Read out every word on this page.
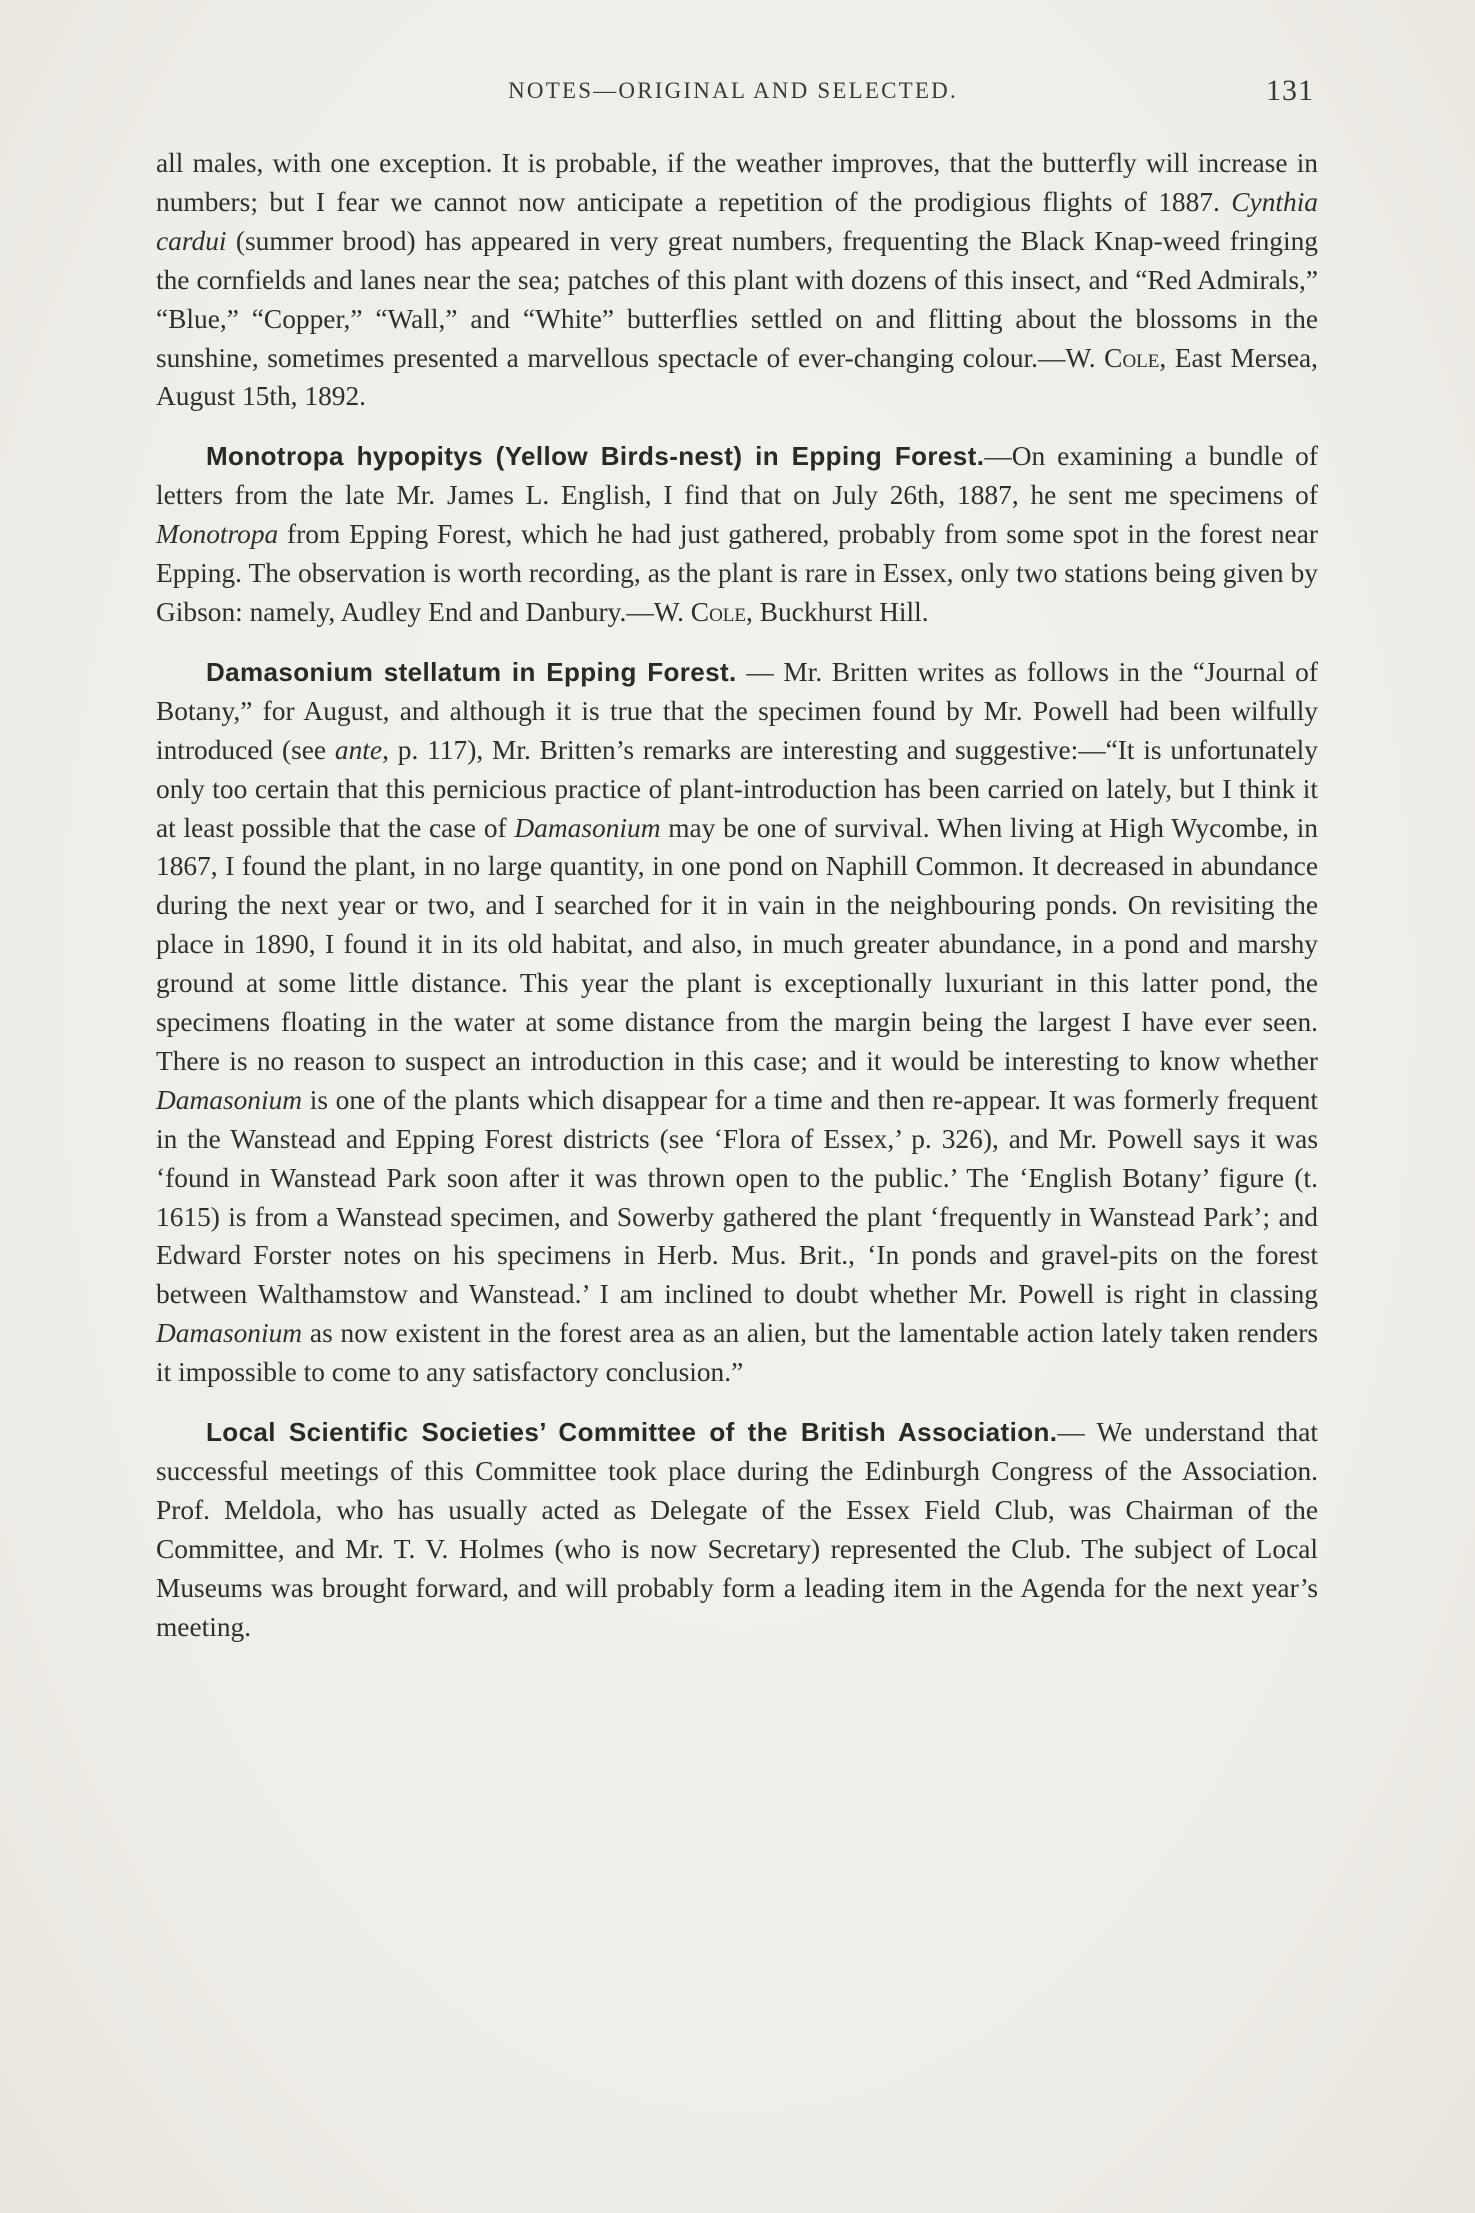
NOTES—ORIGINAL AND SELECTED.	131

all males, with one exception. It is probable, if the weather improves, that the butterfly will increase in numbers; but I fear we cannot now anticipate a repetition of the prodigious flights of 1887. Cynthia cardui (summer brood) has appeared in very great numbers, frequenting the Black Knap-weed fringing the cornfields and lanes near the sea; patches of this plant with dozens of this insect, and “Red Admirals,” “Blue,” “Copper,” “Wall,” and “White” butterflies settled on and flitting about the blossoms in the sunshine, sometimes presented a marvellous spectacle of ever-changing colour.—W. Cole, East Mersea, August 15th, 1892.

Monotropa hypopitys (Yellow Birds-nest) in Epping Forest.—On examining a bundle of letters from the late Mr. James L. English, I find that on July 26th, 1887, he sent me specimens of Monotropa from Epping Forest, which he had just gathered, probably from some spot in the forest near Epping. The observation is worth recording, as the plant is rare in Essex, only two stations being given by Gibson: namely, Audley End and Danbury.—W. Cole, Buckhurst Hill.

Damasonium stellatum in Epping Forest. — Mr. Britten writes as follows in the “Journal of Botany,” for August, and although it is true that the specimen found by Mr. Powell had been wilfully introduced (see ante, p. 117), Mr. Britten’s remarks are interesting and suggestive:—“It is unfortunately only too certain that this pernicious practice of plant-introduction has been carried on lately, but I think it at least possible that the case of Damasonium may be one of survival. When living at High Wycombe, in 1867, I found the plant, in no large quantity, in one pond on Naphill Common. It decreased in abundance during the next year or two, and I searched for it in vain in the neighbouring ponds. On revisiting the place in 1890, I found it in its old habitat, and also, in much greater abundance, in a pond and marshy ground at some little distance. This year the plant is exceptionally luxuriant in this latter pond, the specimens floating in the water at some distance from the margin being the largest I have ever seen. There is no reason to suspect an introduction in this case; and it would be interesting to know whether Damasonium is one of the plants which disappear for a time and then re-appear. It was formerly frequent in the Wanstead and Epping Forest districts (see ‘Flora of Essex,’ p. 326), and Mr. Powell says it was ‘found in Wanstead Park soon after it was thrown open to the public.’ The ‘English Botany’ figure (t. 1615) is from a Wanstead specimen, and Sowerby gathered the plant ‘frequently in Wanstead Park’; and Edward Forster notes on his specimens in Herb. Mus. Brit., ‘In ponds and gravel-pits on the forest between Walthamstow and Wanstead.’ I am inclined to doubt whether Mr. Powell is right in classing Damasonium as now existent in the forest area as an alien, but the lamentable action lately taken renders it impossible to come to any satisfactory conclusion.”

Local Scientific Societies’ Committee of the British Association.— We understand that successful meetings of this Committee took place during the Edinburgh Congress of the Association. Prof. Meldola, who has usually acted as Delegate of the Essex Field Club, was Chairman of the Committee, and Mr. T. V. Holmes (who is now Secretary) represented the Club. The subject of Local Museums was brought forward, and will probably form a leading item in the Agenda for the next year’s meeting.
